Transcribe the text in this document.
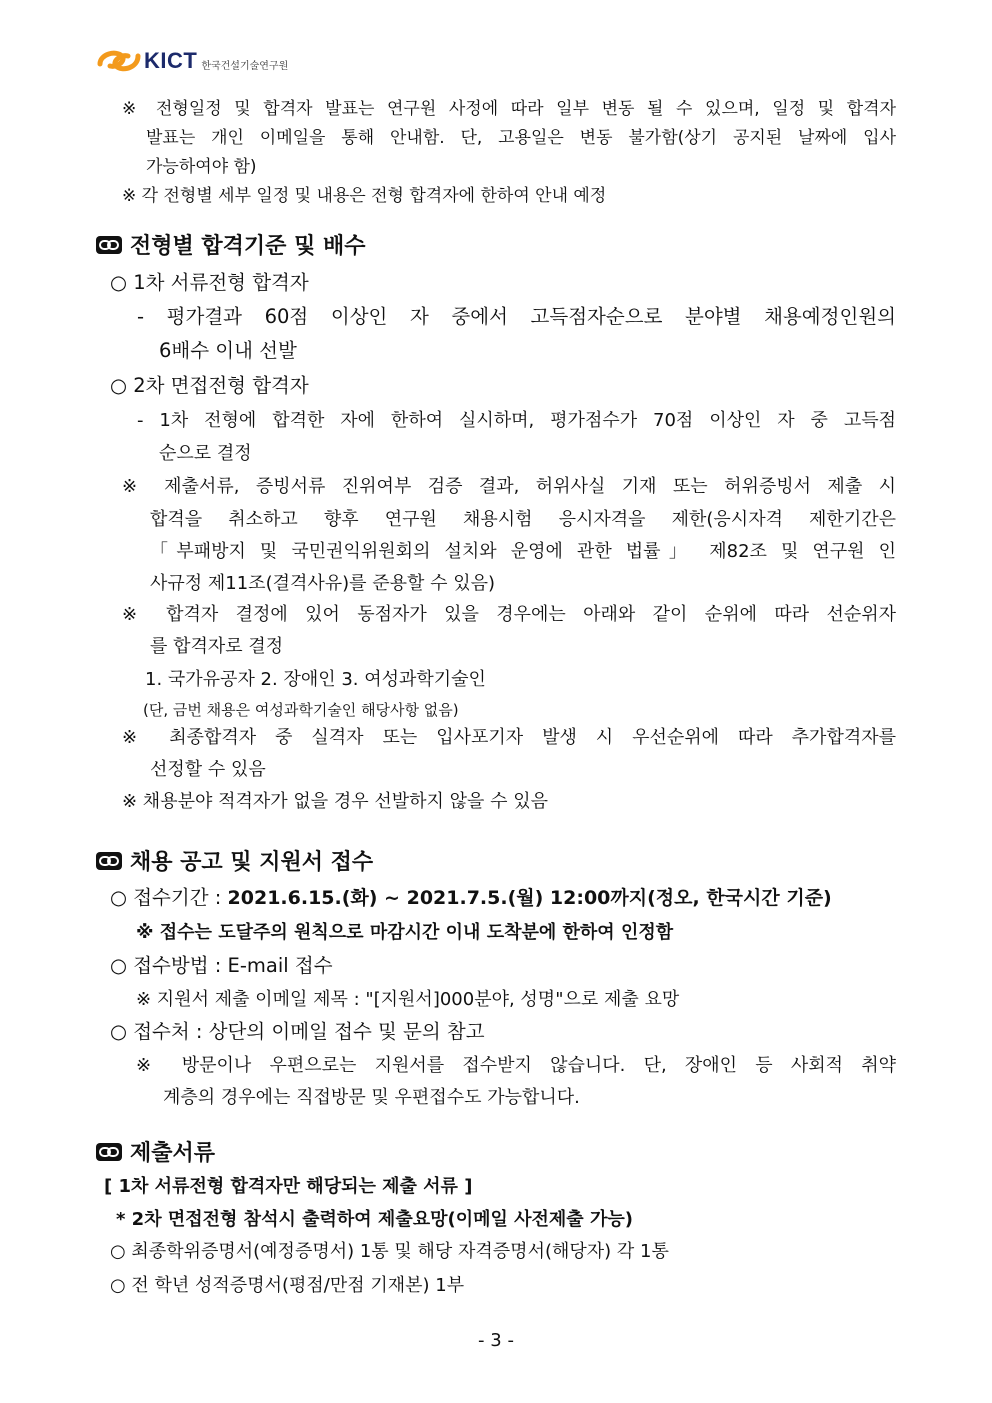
KICT 한국건설기술연구원
※ 전형일정 및 합격자 발표는 연구원 사정에 따라 일부 변동 될 수 있으며, 일정 및 합격자
발표는 개인 이메일을 통해 안내함. 단, 고용일은 변동 불가함(상기 공지된 날짜에 입사
가능하여야 함)
※ 각 전형별 세부 일정 및 내용은 전형 합격자에 한하여 안내 예정
전형별 합격기준 및 배수
○ 1차 서류전형 합격자
- 평가결과 60점 이상인 자 중에서 고득점자순으로 분야별 채용예정인원의
6배수 이내 선발
○ 2차 면접전형 합격자
- 1차 전형에 합격한 자에 한하여 실시하며, 평가점수가 70점 이상인 자 중 고득점
순으로 결정
※ 제출서류, 증빙서류 진위여부 검증 결과, 허위사실 기재 또는 허위증빙서 제출 시
합격을 취소하고 향후 연구원 채용시험 응시자격을 제한(응시자격 제한기간은
「부패방지 및 국민권익위원회의 설치와 운영에 관한 법률」 제82조 및 연구원 인
사규정 제11조(결격사유)를 준용할 수 있음)
※ 합격자 결정에 있어 동점자가 있을 경우에는 아래와 같이 순위에 따라 선순위자
를 합격자로 결정
1. 국가유공자 2. 장애인 3. 여성과학기술인
(단, 금번 채용은 여성과학기술인 해당사항 없음)
※ 최종합격자 중 실격자 또는 입사포기자 발생 시 우선순위에 따라 추가합격자를
선정할 수 있음
※ 채용분야 적격자가 없을 경우 선발하지 않을 수 있음
채용 공고 및 지원서 접수
○ 접수기간 : 2021.6.15.(화) ~ 2021.7.5.(월) 12:00까지(정오, 한국시간 기준)
※ 접수는 도달주의 원칙으로 마감시간 이내 도착분에 한하여 인정함
○ 접수방법 : E-mail 접수
※ 지원서 제출 이메일 제목 : "[지원서]000분야, 성명"으로 제출 요망
○ 접수처 : 상단의 이메일 접수 및 문의 참고
※ 방문이나 우편으로는 지원서를 접수받지 않습니다. 단, 장애인 등 사회적 취약
계층의 경우에는 직접방문 및 우편접수도 가능합니다.
제출서류
[ 1차 서류전형 합격자만 해당되는 제출 서류 ]
* 2차 면접전형 참석시 출력하여 제출요망(이메일 사전제출 가능)
○ 최종학위증명서(예정증명서) 1통 및 해당 자격증명서(해당자) 각 1통
○ 전 학년 성적증명서(평점/만점 기재본) 1부
- 3 -
